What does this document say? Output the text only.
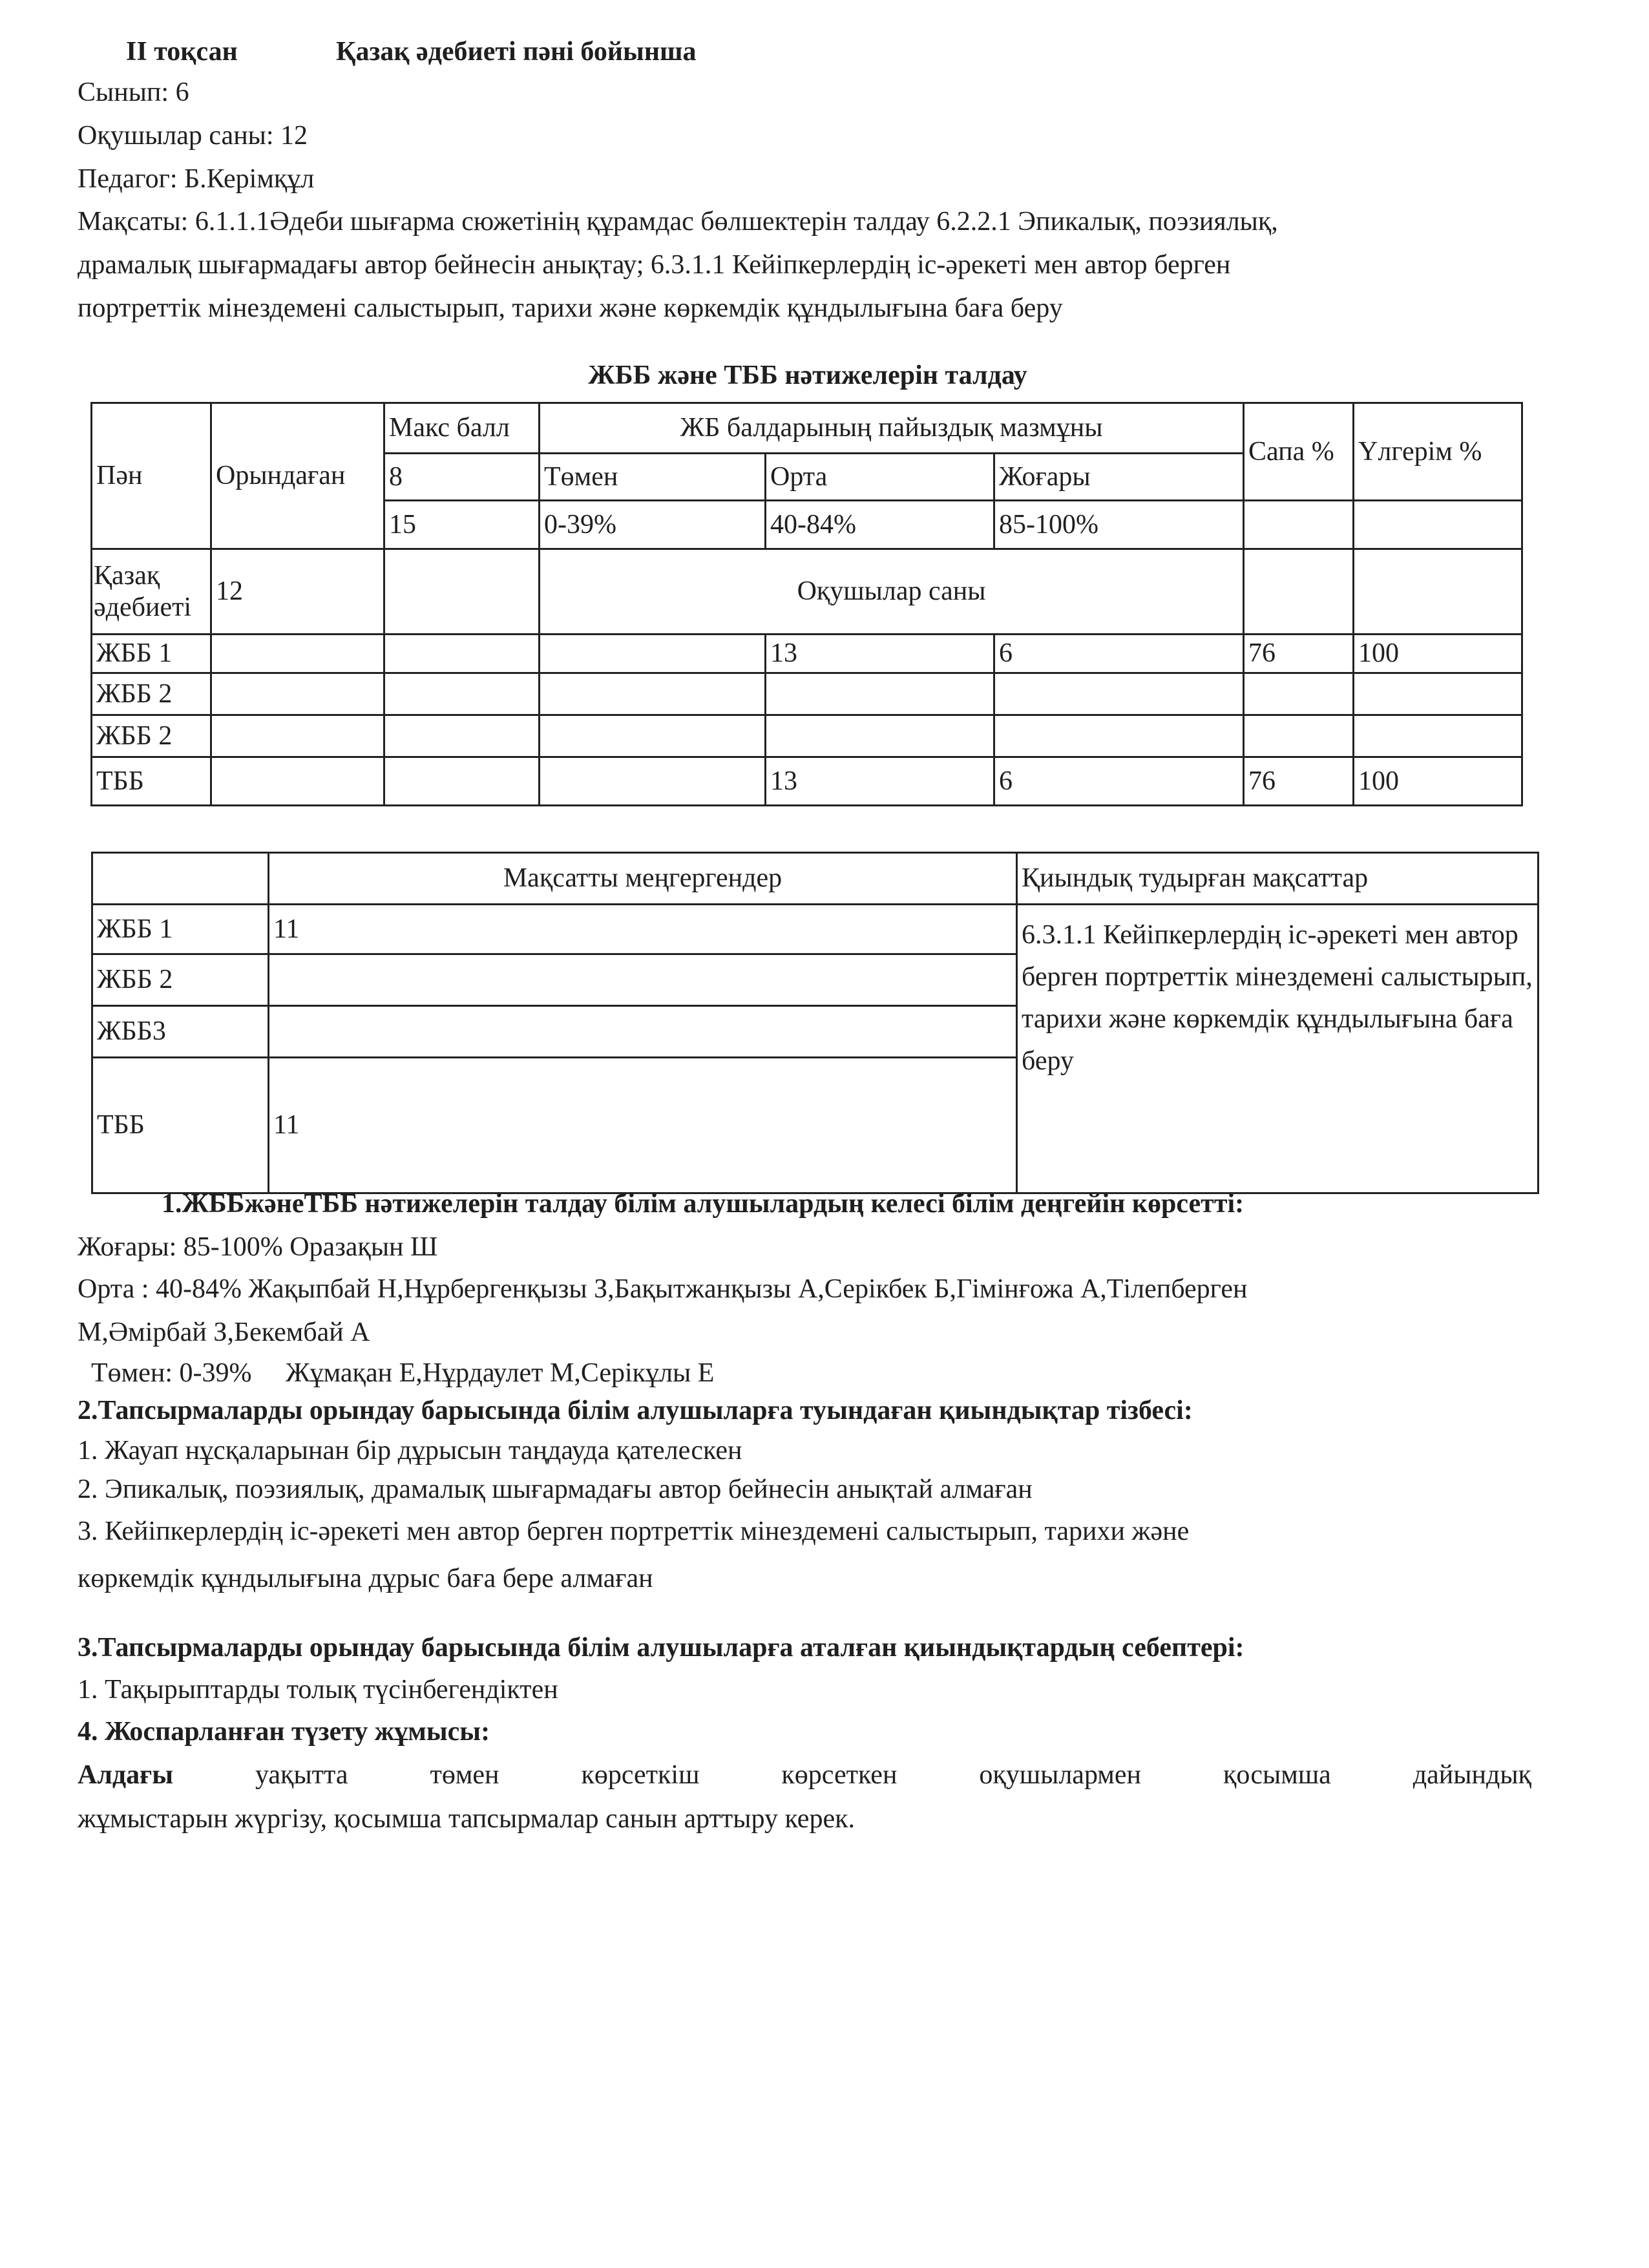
II тоқсан	Қазақ әдебиеті пәні бойынша
Сынып: 6
Оқушылар саны: 12
Педагог: Б.Керімқұл
Мақсаты: 6.1.1.1Әдеби шығарма сюжетінің құрамдас бөлшектерін талдау 6.2.2.1 Эпикалық, поэзиялық,
драмалық шығармадағы автор бейнесін анықтау; 6.3.1.1 Кейіпкерлердің іс-әрекеті мен автор берген
портреттік мінездемені салыстырып, тарихи және көркемдік құндылығына баға беру
ЖББ және ТББ нәтижелерін талдау
Пән	Орындаған	Макс балл	ЖБ балдарының пайыздық мазмұны			Сапа %	Үлгерім %
		8	Төмен	Орта	Жоғары		
		15	0-39%	40-84%	85-100%		
Қазақ әдебиеті	12		Оқушылар саны				
ЖББ 1				13	6	76	100
ЖББ 2							
ЖББ 2							
ТББ				13	6	76	100
	Мақсатты меңгергендер	Қиындық тудырған мақсаттар
ЖББ 1	11	6.3.1.1 Кейіпкерлердің іс-әрекеті мен автор берген портреттік мінездемені салыстырып, тарихи және көркемдік құндылығына баға беру
ЖББ 2		
ЖББ3		
ТББ	11	
1.ЖББжәнеТББ нәтижелерін талдау білім алушылардың келесі білім деңгейін көрсетті:
Жоғары: 85-100% Оразақын Ш
Орта : 40-84% Жақыпбай Н,Нұрбергенқызы З,Бақытжанқызы А,Серікбек Б,Гімінғожа А,Тілепберген
М,Әмірбай З,Бекембай А
Төмен: 0-39%     Жұмақан Е,Нұрдаулет М,Серікұлы Е
2.Тапсырмаларды орындау барысында білім алушыларға туындаған қиындықтар тізбесі:
1. Жауап нұсқаларынан бір дұрысын таңдауда қателескен
2. Эпикалық, поэзиялық, драмалық шығармадағы автор бейнесін анықтай алмаған
3. Кейіпкерлердің іс-әрекеті мен автор берген портреттік мінездемені салыстырып, тарихи және
көркемдік құндылығына дұрыс баға бере алмаған
3.Тапсырмаларды орындау барысында білім алушыларға аталған қиындықтардың себептері:
1. Тақырыптарды толық түсінбегендіктен
4. Жоспарланған түзету жұмысы:
Алдағы	уақытта	төмен	көрсеткіш	көрсеткен	оқушылармен	қосымша	дайындық
жұмыстарын жүргізу, қосымша тапсырмалар санын арттыру керек.
